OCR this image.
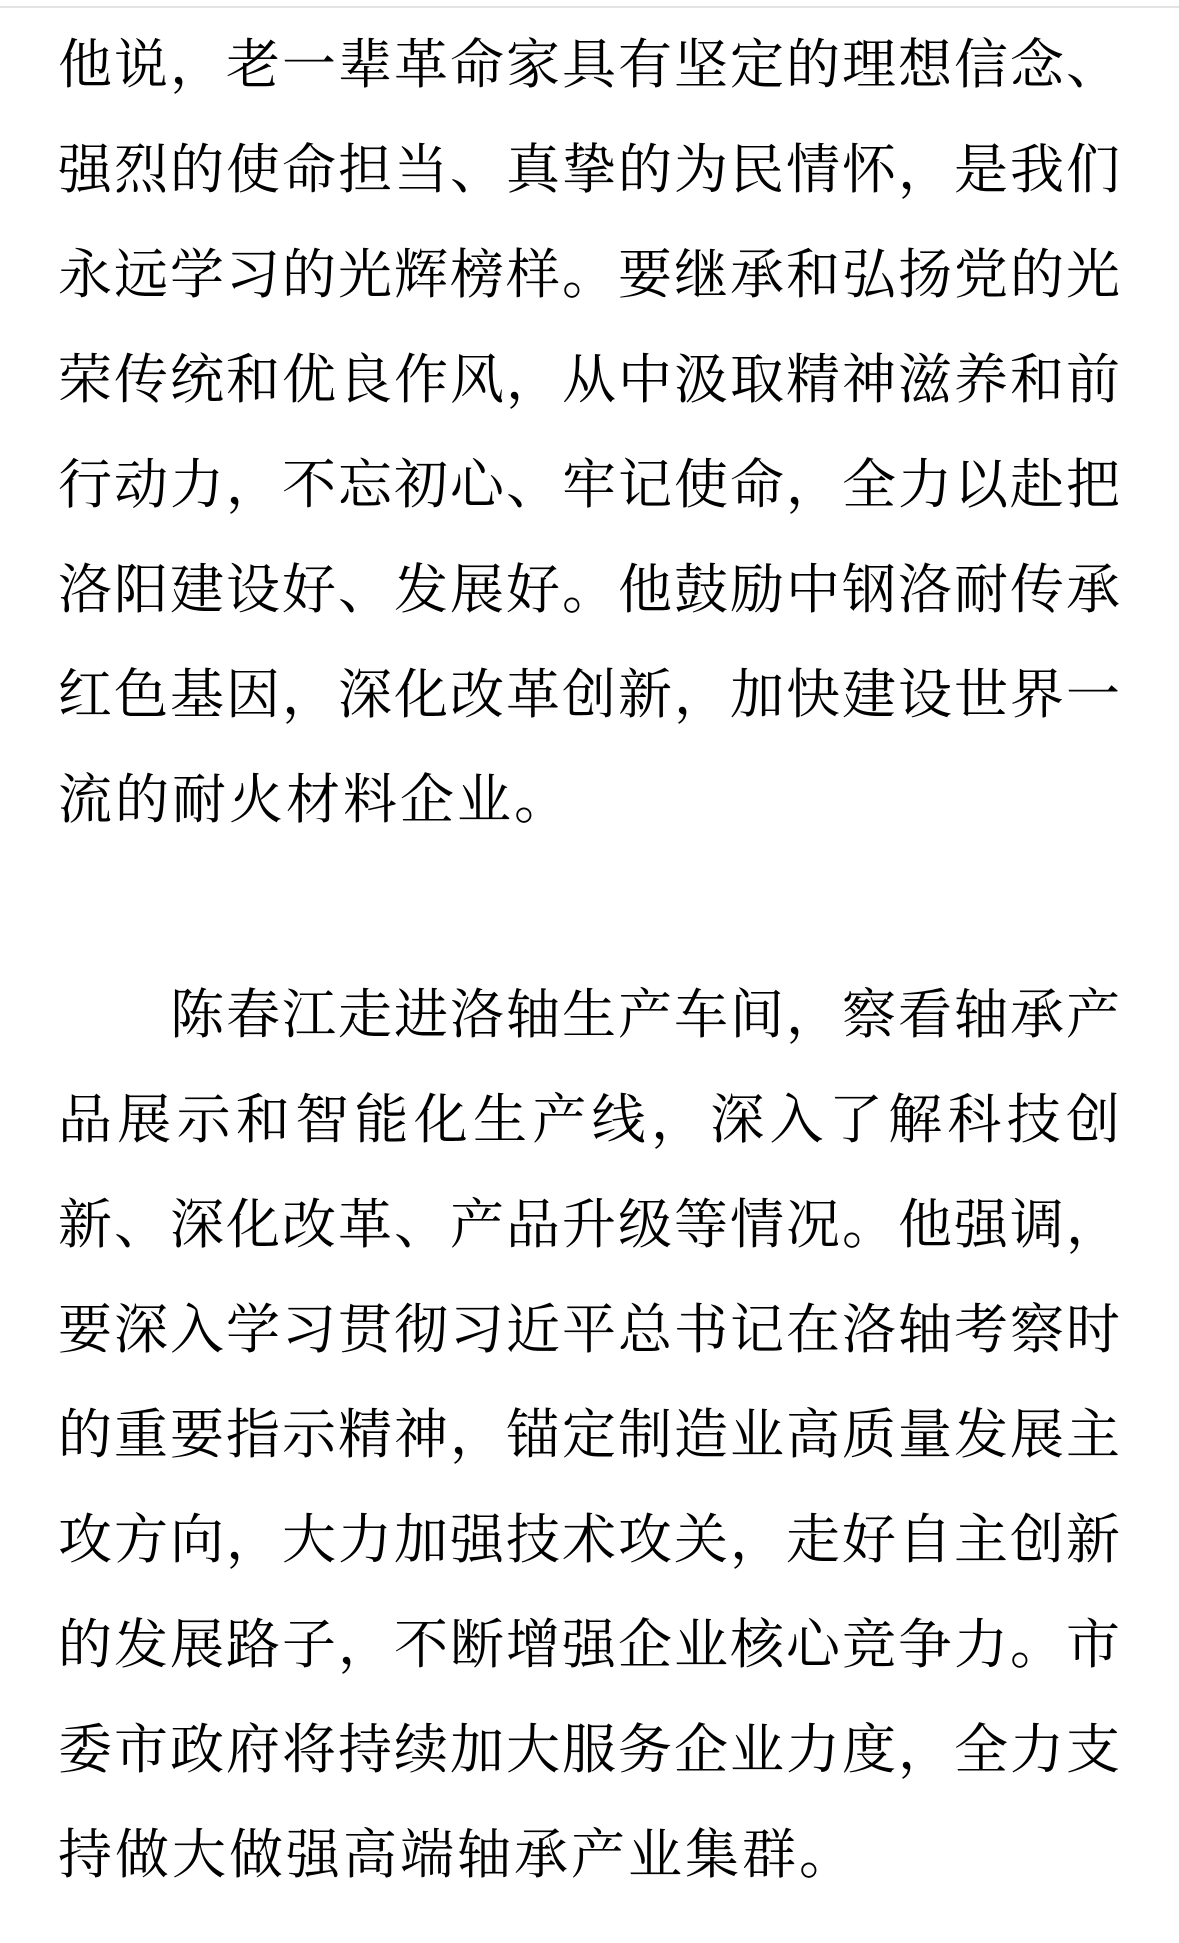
他说，老一辈革命家具有坚定的理想信念、
强烈的使命担当、真挚的为民情怀，是我们
永远学习的光辉榜样。要继承和弘扬党的光
荣传统和优良作风，从中汲取精神滋养和前
行动力，不忘初心、牢记使命，全力以赴把
洛阳建设好、发展好。他鼓励中钢洛耐传承
红色基因，深化改革创新，加快建设世界一
流的耐火材料企业。
陈春江走进洛轴生产车间，察看轴承产
品展示和智能化生产线，深入了解科技创
新、深化改革、产品升级等情况。他强调，
要深入学习贯彻习近平总书记在洛轴考察时
的重要指示精神，锚定制造业高质量发展主
攻方向，大力加强技术攻关，走好自主创新
的发展路子，不断增强企业核心竞争力。市
委市政府将持续加大服务企业力度，全力支
持做大做强高端轴承产业集群。
